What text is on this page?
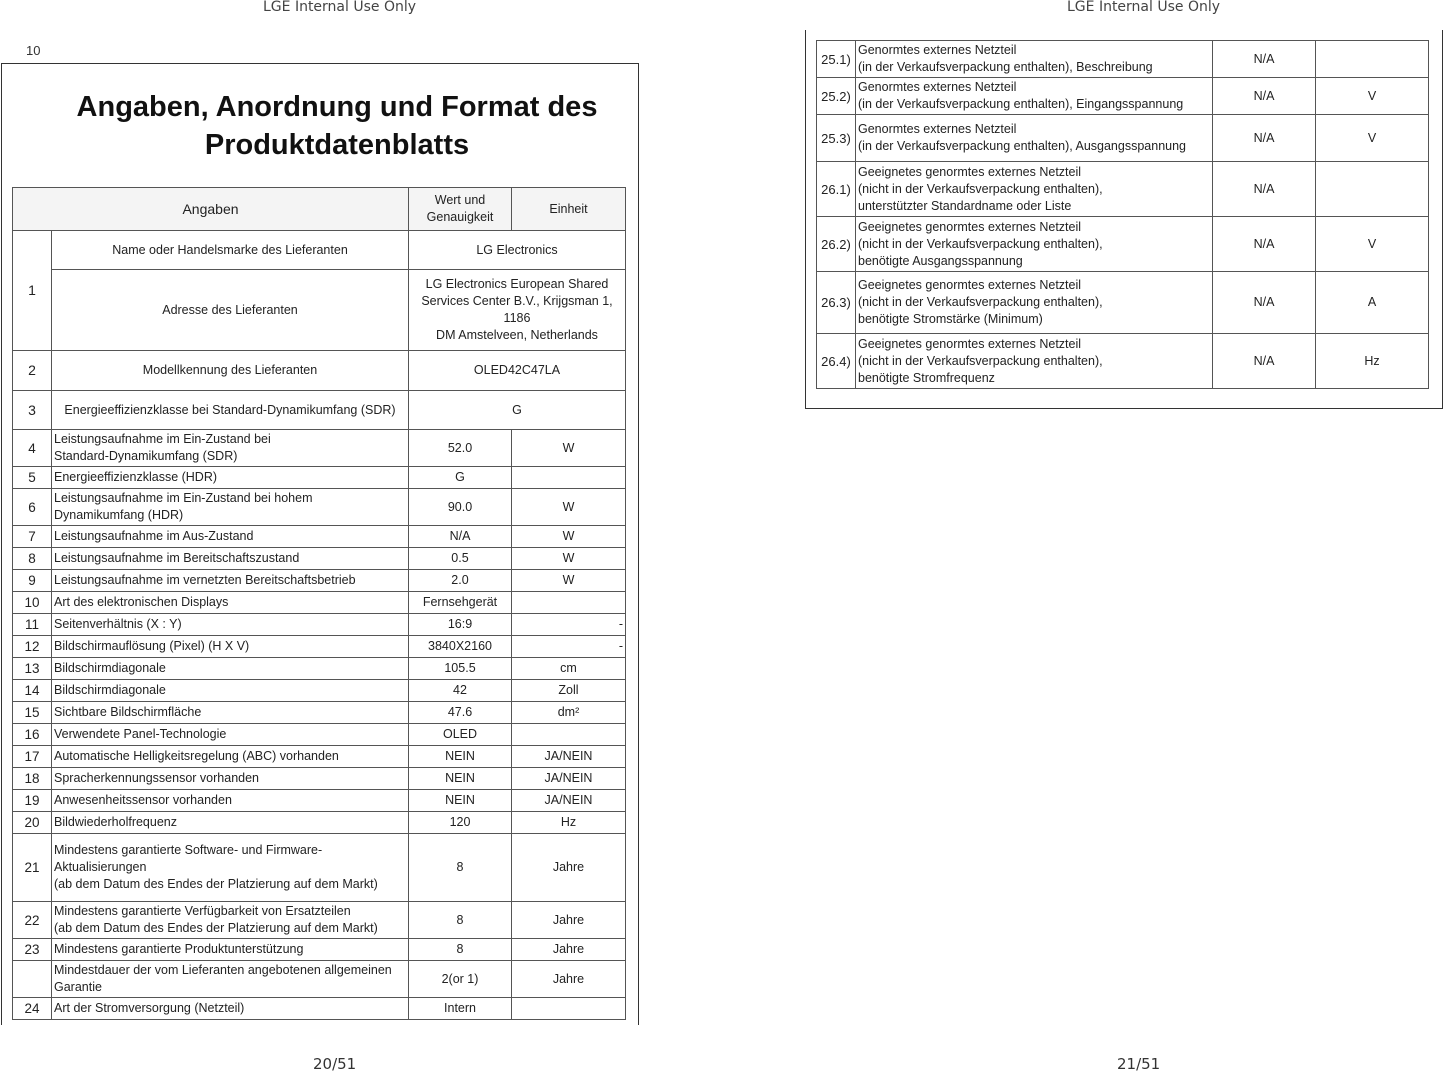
LGE Internal Use Only	LGE Internal Use Only
10
Angaben, Anordnung und Format des
Produktdatenblatts
Angaben		Wert und
Genauigkeit	Einheit
1	Name oder Handelsmarke des Lieferanten	LG Electronics	
	Adresse des Lieferanten	LG Electronics European Shared
Services Center B.V., Krijgsman 1, 1186
DM Amstelveen, Netherlands	

2	Modellkennung des Lieferanten	OLED42C47LA	
3	Energieeffizienzklasse bei Standard-Dynamikumfang (SDR)	G	
4	Leistungsaufnahme im Ein-Zustand bei
Standard-Dynamikumfang (SDR)	52.0	W
5	Energieeffizienzklasse (HDR)	G	
6	Leistungsaufnahme im Ein-Zustand bei hohem
Dynamikumfang (HDR)	90.0	W
7	Leistungsaufnahme im Aus-Zustand	N/A	W
8	Leistungsaufnahme im Bereitschaftszustand	0.5	W
9	Leistungsaufnahme im vernetzten Bereitschaftsbetrieb	2.0	W
10	Art des elektronischen Displays	Fernsehgerät	
11	Seitenverhältnis (X : Y)	16:9	-
12	Bildschirmauflösung (Pixel) (H X V)	3840X2160	-
13	Bildschirmdiagonale	105.5	cm
14	Bildschirmdiagonale	42	Zoll
15	Sichtbare Bildschirmfläche	47.6	dm²
16	Verwendete Panel-Technologie	OLED	
17	Automatische Helligkeitsregelung (ABC) vorhanden	NEIN	JA/NEIN
18	Spracherkennungssensor vorhanden	NEIN	JA/NEIN
19	Anwesenheitssensor vorhanden	NEIN	JA/NEIN
20	Bildwiederholfrequenz	120	Hz
21	Mindestens garantierte Software- und Firmware-Aktualisierungen
(ab dem Datum des Endes der Platzierung auf dem Markt)	8	Jahre
22	Mindestens garantierte Verfügbarkeit von Ersatzteilen
(ab dem Datum des Endes der Platzierung auf dem Markt)	8	Jahre
23	Mindestens garantierte Produktunterstützung	8	Jahre

	Mindestdauer der vom Lieferanten angebotenen allgemeinen
Garantie	2(or 1)	Jahre
24	Art der Stromversorgung (Netzteil)	Intern	
20/51
25.1)	Genormtes externes Netzteil
(in der Verkaufsverpackung enthalten), Beschreibung	N/A	
25.2)	Genormtes externes Netzteil
(in der Verkaufsverpackung enthalten), Eingangsspannung	N/A	V
25.3)	Genormtes externes Netzteil
(in der Verkaufsverpackung enthalten), Ausgangsspannung	N/A	V
26.1)	Geeignetes genormtes externes Netzteil
(nicht in der Verkaufsverpackung enthalten),
unterstützter Standardname oder Liste	N/A	
26.2)	Geeignetes genormtes externes Netzteil
(nicht in der Verkaufsverpackung enthalten),
benötigte Ausgangsspannung	N/A	V
26.3)	Geeignetes genormtes externes Netzteil
(nicht in der Verkaufsverpackung enthalten),
benötigte Stromstärke (Minimum)	N/A	A
26.4)	Geeignetes genormtes externes Netzteil
(nicht in der Verkaufsverpackung enthalten),
benötigte Stromfrequenz	N/A	Hz
21/51
